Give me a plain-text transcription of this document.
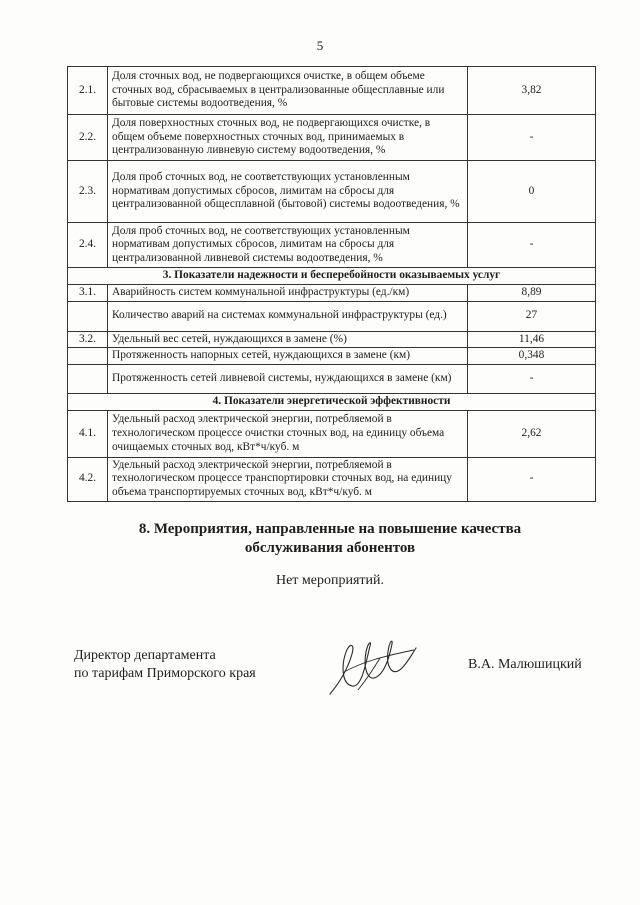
5
2.1.	Доля сточных вод, не подвергающихся очистке, в общем объеме сточных вод, сбрасываемых в централизованные общесплавные или бытовые системы водоотведения, %	3,82
2.2.	Доля поверхностных сточных вод, не подвергающихся очистке, в общем объеме поверхностных сточных вод, принимаемых в централизованную ливневую систему водоотведения, %	-
2.3.	Доля проб сточных вод, не соответствующих установленным нормативам допустимых сбросов, лимитам на сбросы для централизованной общесплавной (бытовой) системы водоотведения, %	0
2.4.	Доля проб сточных вод, не соответствующих установленным нормативам допустимых сбросов, лимитам на сбросы для централизованной ливневой системы водоотведения, %	-
3. Показатели надежности и бесперебойности оказываемых услуг		
3.1.	Аварийность систем коммунальной инфраструктуры (ед./км)	8,89
	Количество аварий на системах коммунальной инфраструктуры (ед.)	27
3.2.	Удельный вес сетей, нуждающихся в замене (%)	11,46
	Протяженность напорных сетей, нуждающихся в замене (км)	0,348
	Протяженность сетей ливневой системы, нуждающихся в замене (км)	-
4. Показатели энергетической эффективности		
4.1.	Удельный расход электрической энергии, потребляемой в технологическом процессе очистки сточных вод, на единицу объема очищаемых сточных вод, кВт*ч/куб. м	2,62
4.2.	Удельный расход электрической энергии, потребляемой в технологическом процессе транспортировки сточных вод, на единицу объема транспортируемых сточных вод, кВт*ч/куб. м	-
8. Мероприятия, направленные на повышение качества
обслуживания абонентов
Нет мероприятий.
Директор департамента
по тарифам Приморского края
В.А. Малюшицкий
